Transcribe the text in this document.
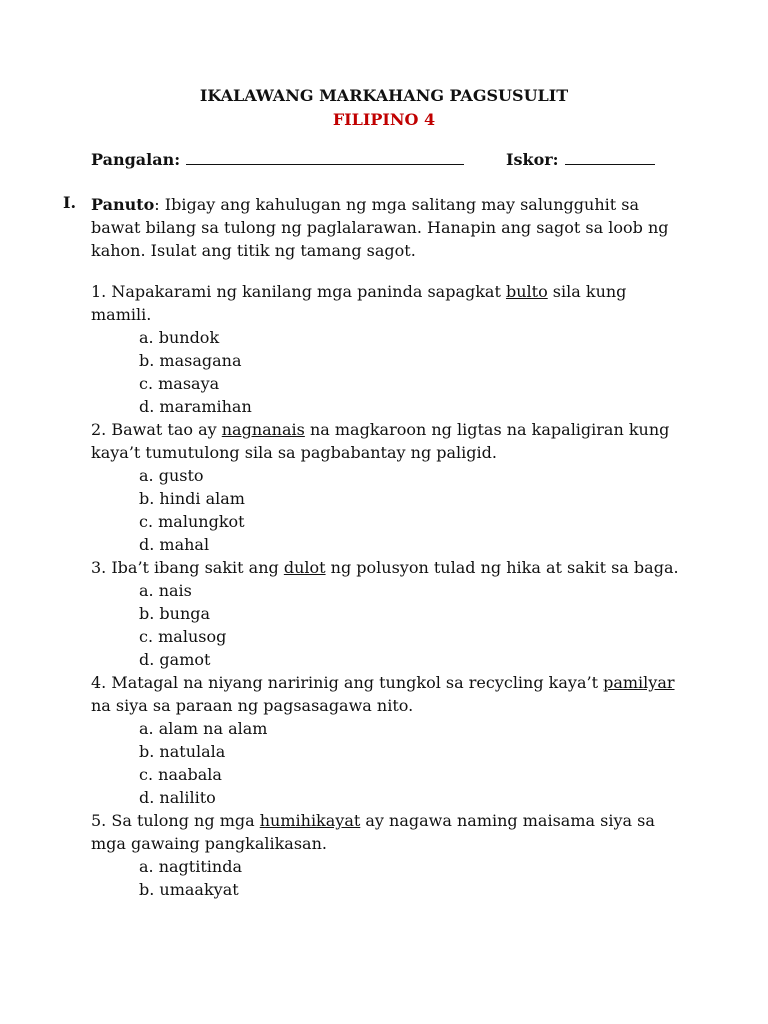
IKALAWANG MARKAHANG PAGSUSULIT
FILIPINO 4
Pangalan:	Iskor:
I. Panuto: Ibigay ang kahulugan ng mga salitang may salungguhit sa bawat bilang sa tulong ng paglalarawan. Hanapin ang sagot sa loob ng kahon. Isulat ang titik ng tamang sagot.
1. Napakarami ng kanilang mga paninda sapagkat bulto sila kung mamili.
a. bundok
b. masagana
c. masaya
d. maramihan
2. Bawat tao ay nagnanais na magkaroon ng ligtas na kapaligiran kung kaya’t tumutulong sila sa pagbabantay ng paligid.
a. gusto
b. hindi alam
c. malungkot
d. mahal
3. Iba’t ibang sakit ang dulot ng polusyon tulad ng hika at sakit sa baga.
a. nais
b. bunga
c. malusog
d. gamot
4. Matagal na niyang naririnig ang tungkol sa recycling kaya’t pamilyar na siya sa paraan ng pagsasagawa nito.
a. alam na alam
b. natulala
c. naabala
d. nalilito
5. Sa tulong ng mga humihikayat ay nagawa naming maisama siya sa mga gawaing pangkalikasan.
a. nagtitinda
b. umaakyat
